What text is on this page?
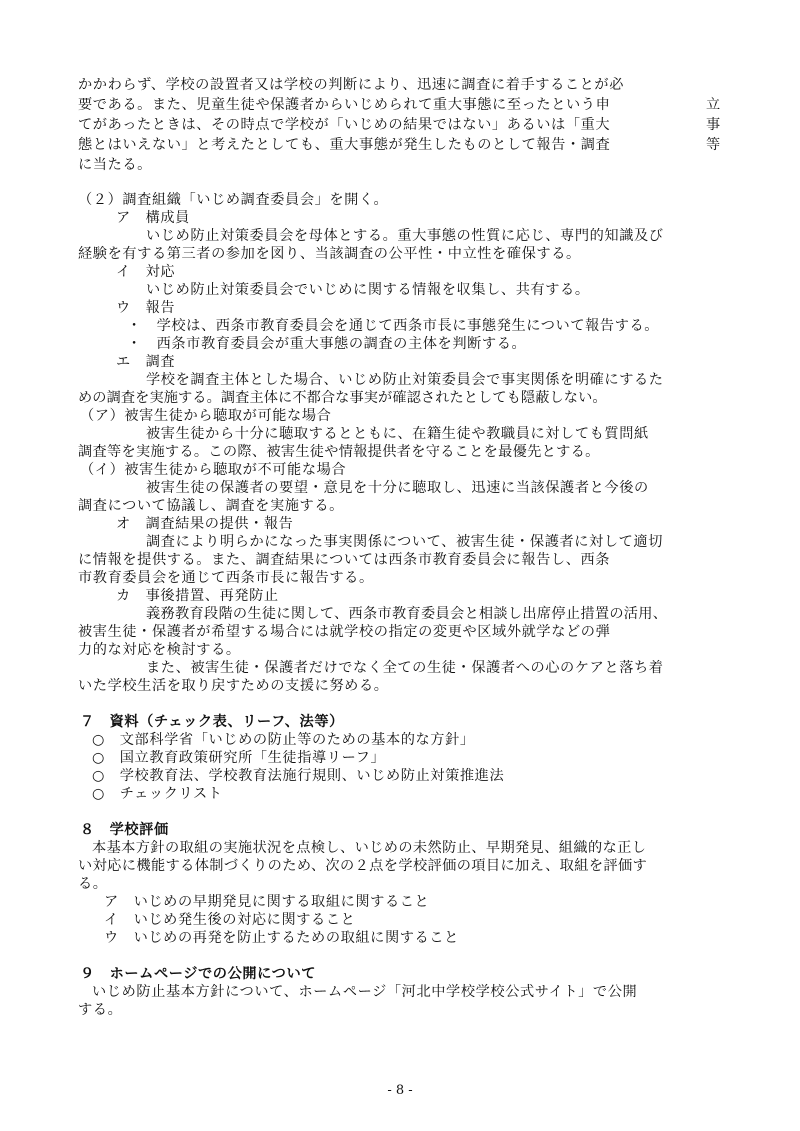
かかわらず、学校の設置者又は学校の判断により、迅速に調査に着手することが必
要である。また、児童生徒や保護者からいじめられて重大事態に至ったという申	立
てがあったときは、その時点で学校が「いじめの結果ではない」あるいは「重大	事
態とはいえない」と考えたとしても、重大事態が発生したものとして報告・調査	等
に当たる。
（２）調査組織「いじめ調査委員会」を開く。
ア　構成員
いじめ防止対策委員会を母体とする。重大事態の性質に応じ、専門的知識及び
経験を有する第三者の参加を図り、当該調査の公平性・中立性を確保する。
イ　対応
いじめ防止対策委員会でいじめに関する情報を収集し、共有する。
ウ　報告
・　学校は、西条市教育委員会を通じて西条市長に事態発生について報告する。
・　西条市教育委員会が重大事態の調査の主体を判断する。
エ　調査
学校を調査主体とした場合、いじめ防止対策委員会で事実関係を明確にするた
めの調査を実施する。調査主体に不都合な事実が確認されたとしても隠蔽しない。
（ア）被害生徒から聴取が可能な場合
被害生徒から十分に聴取するとともに、在籍生徒や教職員に対しても質問紙
調査等を実施する。この際、被害生徒や情報提供者を守ることを最優先とする。
（イ）被害生徒から聴取が不可能な場合
被害生徒の保護者の要望・意見を十分に聴取し、迅速に当該保護者と今後の
調査について協議し、調査を実施する。
オ　調査結果の提供・報告
調査により明らかになった事実関係について、被害生徒・保護者に対して適切
に情報を提供する。また、調査結果については西条市教育委員会に報告し、西条
市教育委員会を通じて西条市長に報告する。
カ　事後措置、再発防止
義務教育段階の生徒に関して、西条市教育委員会と相談し出席停止措置の活用、
被害生徒・保護者が希望する場合には就学校の指定の変更や区域外就学などの弾
力的な対応を検討する。
また、被害生徒・保護者だけでなく全ての生徒・保護者への心のケアと落ち着
いた学校生活を取り戻すための支援に努める。
７　資料（チェック表、リーフ、法等）
○　文部科学省「いじめの防止等のための基本的な方針」
○　国立教育政策研究所「生徒指導リーフ」
○　学校教育法、学校教育法施行規則、いじめ防止対策推進法
○　チェックリスト
８　学校評価
本基本方針の取組の実施状況を点検し、いじめの未然防止、早期発見、組織的な正し
い対応に機能する体制づくりのため、次の２点を学校評価の項目に加え、取組を評価す
る。
ア　いじめの早期発見に関する取組に関すること
イ　いじめ発生後の対応に関すること
ウ　いじめの再発を防止するための取組に関すること
９　ホームページでの公開について
いじめ防止基本方針について、ホームページ「河北中学校学校公式サイト」で公開
する。
- 8 -
